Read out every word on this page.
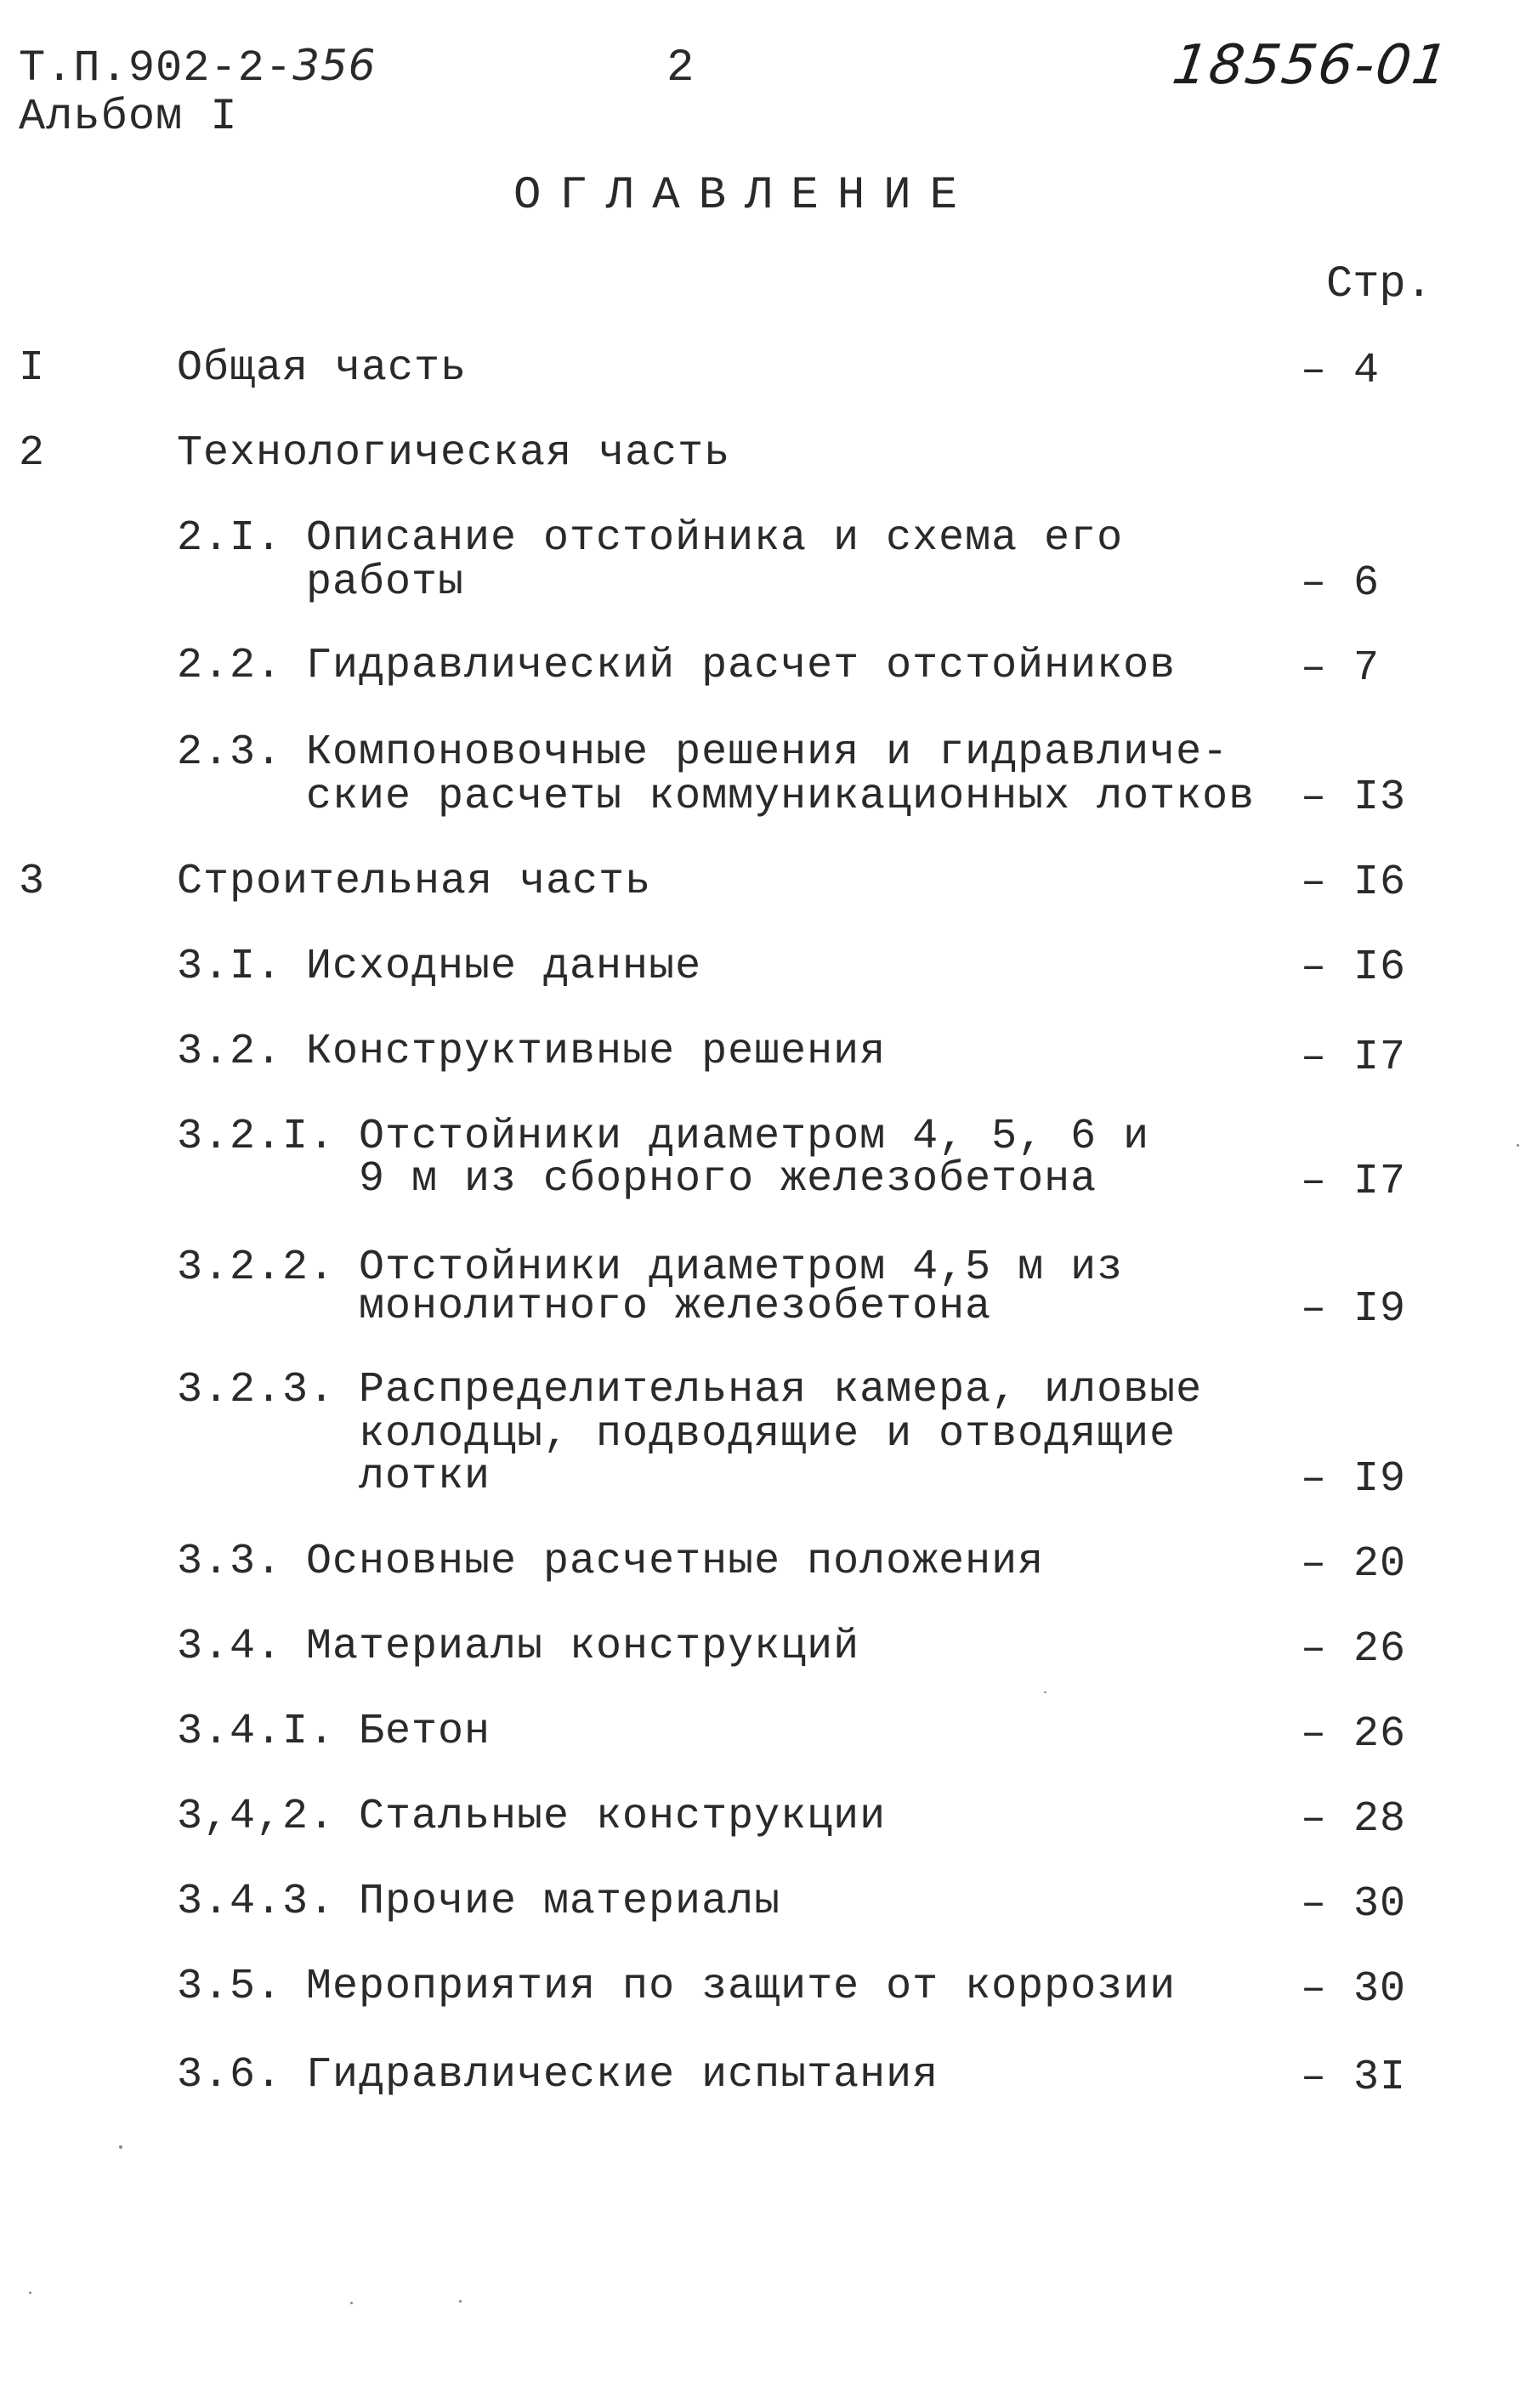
Т.П.902-2-356
Альбом I
2	18556-01
ОГЛАВЛЕНИЕ
Стр.
I	Общая часть	– 4
2	Технологическая часть
2.I. Описание отстойника и схема его
работы	– 6
2.2. Гидравлический расчет отстойников	– 7
2.3. Компоновочные решения и гидравличе-
ские расчеты коммуникационных лотков – I3
3	Строительная часть	– I6
3.I. Исходные данные	– I6
3.2. Конструктивные решения	– I7
3.2.I. Отстойники диаметром 4, 5, 6 и
9 м из сборного железобетона	– I7
3.2.2. Отстойники диаметром 4,5 м из
монолитного железобетона	– I9
3.2.3. Распределительная камера, иловые
колодцы, подводящие и отводящие
лотки	– I9
3.3. Основные расчетные положения	– 20
3.4. Материалы конструкций	– 26
3.4.I. Бетон	– 26
3,4,2. Стальные конструкции	– 28
3.4.3. Прочие материалы	– 30
3.5. Мероприятия по защите от коррозии	– 30
3.6. Гидравлические испытания	– 3I
